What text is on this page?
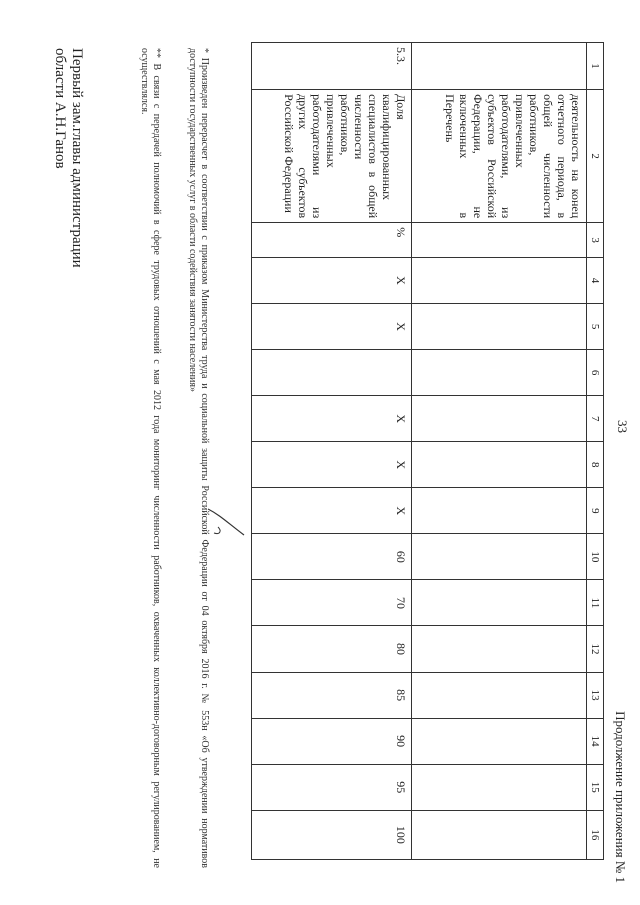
33
Продолжение приложения № 1
1	2	3	4	5	6	7	8	9	10	11	12	13	14	15	16

	деятельность на конец отчетного периода, в общей численности работников, привлеченных работодателями, из субъектов Российской Федерации, не включенных в Перечень														

5.3.	Доля квалифицированных специалистов в общей численности работников, привлеченных работодателями из других субъектов Российской Федерации	%	X	X		X	X	X	60	70	80	85	90	95	100
* Произведен перерасчет в соответствии с приказом Министерства труда и социальной защиты Российской Федерации от 04 октября 2016 г. № 553н «Об утверждении нормативов доступности государственных услуг в области содействия занятости населения»
** В связи с передачей полномочий в сфере трудовых отношений с мая 2012 года мониторинг численности работников, охваченных коллективно-договорным регулированием, не осуществлялся.
Первый зам.главы администрации
области А.Н.Ганов
